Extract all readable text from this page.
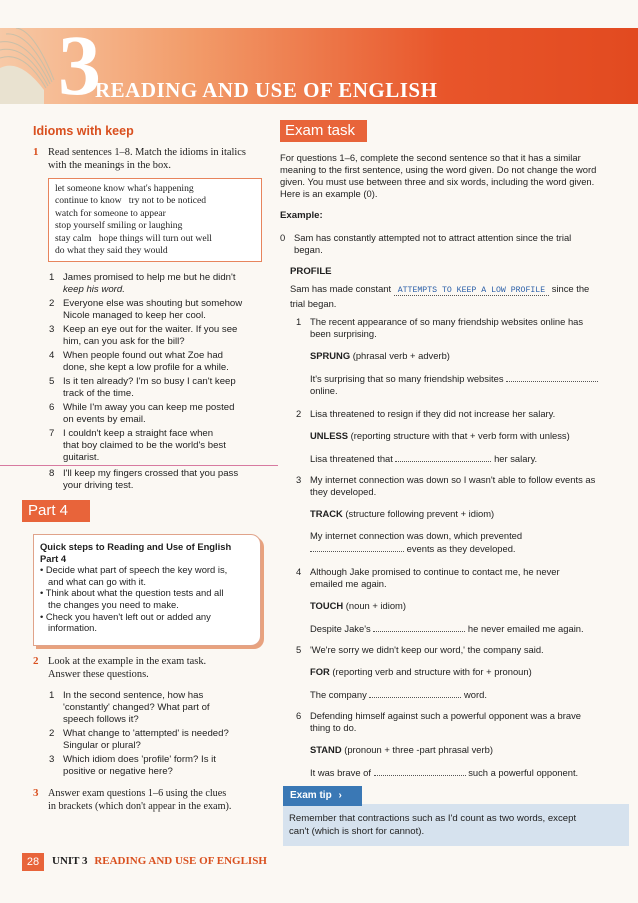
3
READING AND USE OF ENGLISH
Idioms with keep
1 Read sentences 1–8. Match the idioms in italics with the meanings in the box.
let someone know what's happening
continue to know   try not to be noticed
watch for someone to appear
stop yourself smiling or laughing
stay calm   hope things will turn out well
do what they said they would
1 James promised to help me but he didn't
keep his word.
2 Everyone else was shouting but somehow
Nicole managed to keep her cool.
3 Keep an eye out for the waiter. If you see
him, can you ask for the bill?
4 When people found out what Zoe had
done, she kept a low profile for a while.
5 Is it ten already? I'm so busy I can't keep
track of the time.
6 While I'm away you can keep me posted
on events by email.
7 I couldn't keep a straight face when
that boy claimed to be the world's best
guitarist.
8 I'll keep my fingers crossed that you pass
your driving test.
Part 4
Quick steps to Reading and Use of English
Part 4
• Decide what part of speech the key word is,
and what can go with it.
• Think about what the question tests and all
the changes you need to make.
• Check you haven't left out or added any
information.
2 Look at the example in the exam task.
Answer these questions.
1 In the second sentence, how has
'constantly' changed? What part of
speech follows it?
2 What change to 'attempted' is needed?
Singular or plural?
3 Which idiom does 'profile' form? Is it
positive or negative here?
3 Answer exam questions 1–6 using the clues
in brackets (which don't appear in the exam).
Exam task
For questions 1–6, complete the second sentence so that it has a similar
meaning to the first sentence, using the word given. Do not change the word
given. You must use between three and six words, including the word given.
Here is an example (0).
Example:
0 Sam has constantly attempted not to attract attention since the trial
began.
PROFILE
Sam has made constant ATTEMPTS TO KEEP A LOW PROFILE since the
trial began.
1 The recent appearance of so many friendship websites online has
been surprising.
SPRUNG (phrasal verb + adverb)
It's surprising that so many friendship websites
online.
2 Lisa threatened to resign if they did not increase her salary.
UNLESS (reporting structure with that + verb form with unless)
Lisa threatened that	her salary.
3 My internet connection was down so I wasn't able to follow events as
they developed.
TRACK (structure following prevent + idiom)
My internet connection was down, which prevented
events as they developed.
4 Although Jake promised to continue to contact me, he never
emailed me again.
TOUCH (noun + idiom)
Despite Jake's	he never emailed me again.
5 'We're sorry we didn't keep our word,' the company said.
FOR (reporting verb and structure with for + pronoun)
The company	word.
6 Defending himself against such a powerful opponent was a brave
thing to do.
STAND (pronoun + three -part phrasal verb)
It was brave of	such a powerful opponent.
Remember that contractions such as I'd count as two words, except
can't (which is short for cannot).
Exam tip ›
28	UNIT 3 READING AND USE OF ENGLISH
